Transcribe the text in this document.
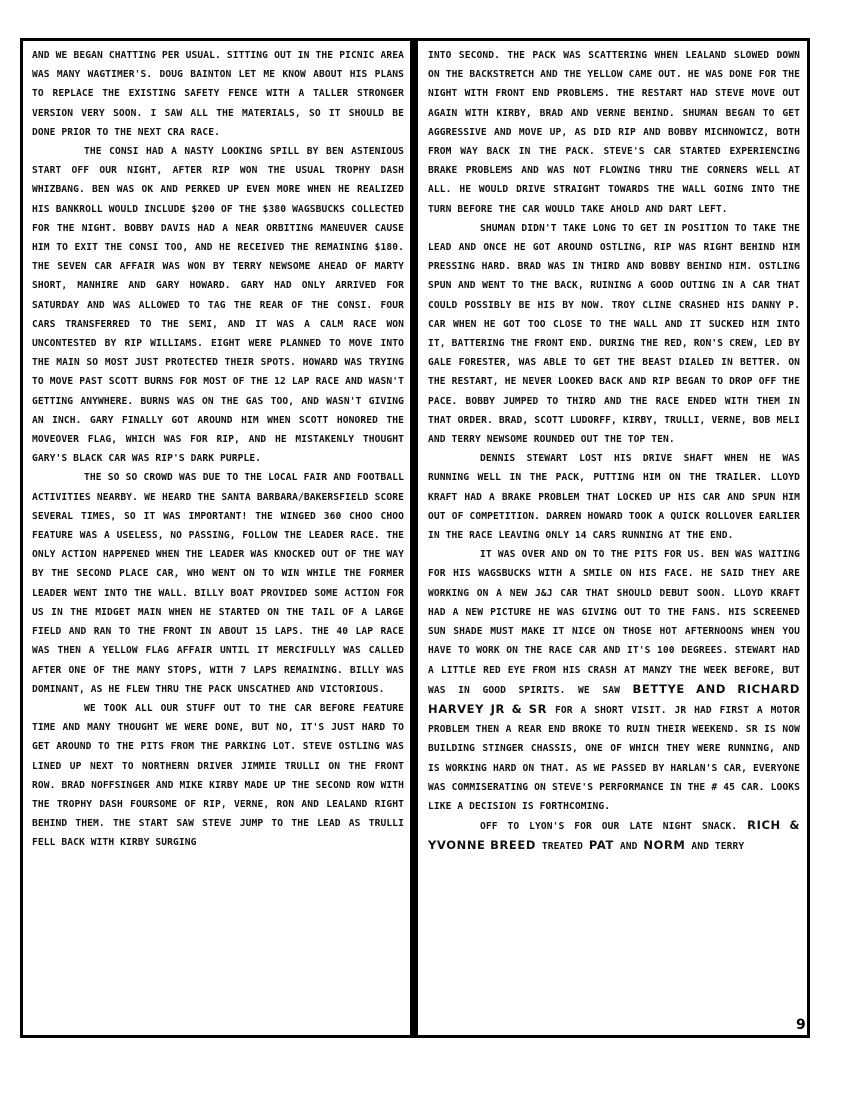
AND WE BEGAN CHATTING PER USUAL. SITTING OUT IN THE PICNIC AREA WAS MANY WAGTIMER'S. DOUG BAINTON LET ME KNOW ABOUT HIS PLANS TO REPLACE THE EXISTING SAFETY FENCE WITH A TALLER STRONGER VERSION VERY SOON. I SAW ALL THE MATERIALS, SO IT SHOULD BE DONE PRIOR TO THE NEXT CRA RACE.

THE CONSI HAD A NASTY LOOKING SPILL BY BEN ASTENIOUS START OFF OUR NIGHT, AFTER RIP WON THE USUAL TROPHY DASH WHIZBANG. BEN WAS OK AND PERKED UP EVEN MORE WHEN HE REALIZED HIS BANKROLL WOULD INCLUDE $200 OF THE $380 WAGSBUCKS COLLECTED FOR THE NIGHT. BOBBY DAVIS HAD A NEAR ORBITING MANEUVER CAUSE HIM TO EXIT THE CONSI TOO, AND HE RECEIVED THE REMAINING $180. THE SEVEN CAR AFFAIR WAS WON BY TERRY NEWSOME AHEAD OF MARTY SHORT, MANHIRE AND GARY HOWARD. GARY HAD ONLY ARRIVED FOR SATURDAY AND WAS ALLOWED TO TAG THE REAR OF THE CONSI. FOUR CARS TRANSFERRED TO THE SEMI, AND IT WAS A CALM RACE WON UNCONTESTED BY RIP WILLIAMS. EIGHT WERE PLANNED TO MOVE INTO THE MAIN SO MOST JUST PROTECTED THEIR SPOTS. HOWARD WAS TRYING TO MOVE PAST SCOTT BURNS FOR MOST OF THE 12 LAP RACE AND WASN'T GETTING ANYWHERE. BURNS WAS ON THE GAS TOO, AND WASN'T GIVING AN INCH. GARY FINALLY GOT AROUND HIM WHEN SCOTT HONORED THE MOVEOVER FLAG, WHICH WAS FOR RIP, AND HE MISTAKENLY THOUGHT GARY'S BLACK CAR WAS RIP'S DARK PURPLE.

THE SO SO CROWD WAS DUE TO THE LOCAL FAIR AND FOOTBALL ACTIVITIES NEARBY. WE HEARD THE SANTA BARBARA/BAKERSFIELD SCORE SEVERAL TIMES, SO IT WAS IMPORTANT! THE WINGED 360 CHOO CHOO FEATURE WAS A USELESS, NO PASSING, FOLLOW THE LEADER RACE. THE ONLY ACTION HAPPENED WHEN THE LEADER WAS KNOCKED OUT OF THE WAY BY THE SECOND PLACE CAR, WHO WENT ON TO WIN WHILE THE FORMER LEADER WENT INTO THE WALL. BILLY BOAT PROVIDED SOME ACTION FOR US IN THE MIDGET MAIN WHEN HE STARTED ON THE TAIL OF A LARGE FIELD AND RAN TO THE FRONT IN ABOUT 15 LAPS. THE 40 LAP RACE WAS THEN A YELLOW FLAG AFFAIR UNTIL IT MERCIFULLY WAS CALLED AFTER ONE OF THE MANY STOPS, WITH 7 LAPS REMAINING. BILLY WAS DOMINANT, AS HE FLEW THRU THE PACK UNSCATHED AND VICTORIOUS.

WE TOOK ALL OUR STUFF OUT TO THE CAR BEFORE FEATURE TIME AND MANY THOUGHT WE WERE DONE, BUT NO, IT'S JUST HARD TO GET AROUND TO THE PITS FROM THE PARKING LOT. STEVE OSTLING WAS LINED UP NEXT TO NORTHERN DRIVER JIMMIE TRULLI ON THE FRONT ROW. BRAD NOFFSINGER AND MIKE KIRBY MADE UP THE SECOND ROW WITH THE TROPHY DASH FOURSOME OF RIP, VERNE, RON AND LEALAND RIGHT BEHIND THEM. THE START SAW STEVE JUMP TO THE LEAD AS TRULLI FELL BACK WITH KIRBY SURGING

INTO SECOND. THE PACK WAS SCATTERING WHEN LEALAND SLOWED DOWN ON THE BACKSTRETCH AND THE YELLOW CAME OUT. HE WAS DONE FOR THE NIGHT WITH FRONT END PROBLEMS. THE RESTART HAD STEVE MOVE OUT AGAIN WITH KIRBY, BRAD AND VERNE BEHIND. SHUMAN BEGAN TO GET AGGRESSIVE AND MOVE UP, AS DID RIP AND BOBBY MICHNOWICZ, BOTH FROM WAY BACK IN THE PACK. STEVE'S CAR STARTED EXPERIENCING BRAKE PROBLEMS AND WAS NOT FLOWING THRU THE CORNERS WELL AT ALL. HE WOULD DRIVE STRAIGHT TOWARDS THE WALL GOING INTO THE TURN BEFORE THE CAR WOULD TAKE AHOLD AND DART LEFT.

SHUMAN DIDN'T TAKE LONG TO GET IN POSITION TO TAKE THE LEAD AND ONCE HE GOT AROUND OSTLING, RIP WAS RIGHT BEHIND HIM PRESSING HARD. BRAD WAS IN THIRD AND BOBBY BEHIND HIM. OSTLING SPUN AND WENT TO THE BACK, RUINING A GOOD OUTING IN A CAR THAT COULD POSSIBLY BE HIS BY NOW. TROY CLINE CRASHED HIS DANNY P. CAR WHEN HE GOT TOO CLOSE TO THE WALL AND IT SUCKED HIM INTO IT, BATTERING THE FRONT END. DURING THE RED, RON'S CREW, LED BY GALE FORESTER, WAS ABLE TO GET THE BEAST DIALED IN BETTER. ON THE RESTART, HE NEVER LOOKED BACK AND RIP BEGAN TO DROP OFF THE PACE. BOBBY JUMPED TO THIRD AND THE RACE ENDED WITH THEM IN THAT ORDER. BRAD, SCOTT LUDORFF, KIRBY, TRULLI, VERNE, BOB MELI AND TERRY NEWSOME ROUNDED OUT THE TOP TEN.

DENNIS STEWART LOST HIS DRIVE SHAFT WHEN HE WAS RUNNING WELL IN THE PACK, PUTTING HIM ON THE TRAILER. LLOYD KRAFT HAD A BRAKE PROBLEM THAT LOCKED UP HIS CAR AND SPUN HIM OUT OF COMPETITION. DARREN HOWARD TOOK A QUICK ROLLOVER EARLIER IN THE RACE LEAVING ONLY 14 CARS RUNNING AT THE END.

IT WAS OVER AND ON TO THE PITS FOR US. BEN WAS WAITING FOR HIS WAGSBUCKS WITH A SMILE ON HIS FACE. HE SAID THEY ARE WORKING ON A NEW J&J CAR THAT SHOULD DEBUT SOON. LLOYD KRAFT HAD A NEW PICTURE HE WAS GIVING OUT TO THE FANS. HIS SCREENED SUN SHADE MUST MAKE IT NICE ON THOSE HOT AFTERNOONS WHEN YOU HAVE TO WORK ON THE RACE CAR AND IT'S 100 DEGREES. STEWART HAD A LITTLE RED EYE FROM HIS CRASH AT MANZY THE WEEK BEFORE, BUT WAS IN GOOD SPIRITS. WE SAW BETTYE AND RICHARD HARVEY JR & SR FOR A SHORT VISIT. JR HAD FIRST A MOTOR PROBLEM THEN A REAR END BROKE TO RUIN THEIR WEEKEND. SR IS NOW BUILDING STINGER CHASSIS, ONE OF WHICH THEY WERE RUNNING, AND IS WORKING HARD ON THAT. AS WE PASSED BY HARLAN'S CAR, EVERYONE WAS COMMISERATING ON STEVE'S PERFORMANCE IN THE # 45 CAR. LOOKS LIKE A DECISION IS FORTHCOMING.

OFF TO LYON'S FOR OUR LATE NIGHT SNACK. RICH & YVONNE BREED TREATED PAT AND NORM AND TERRY

9
